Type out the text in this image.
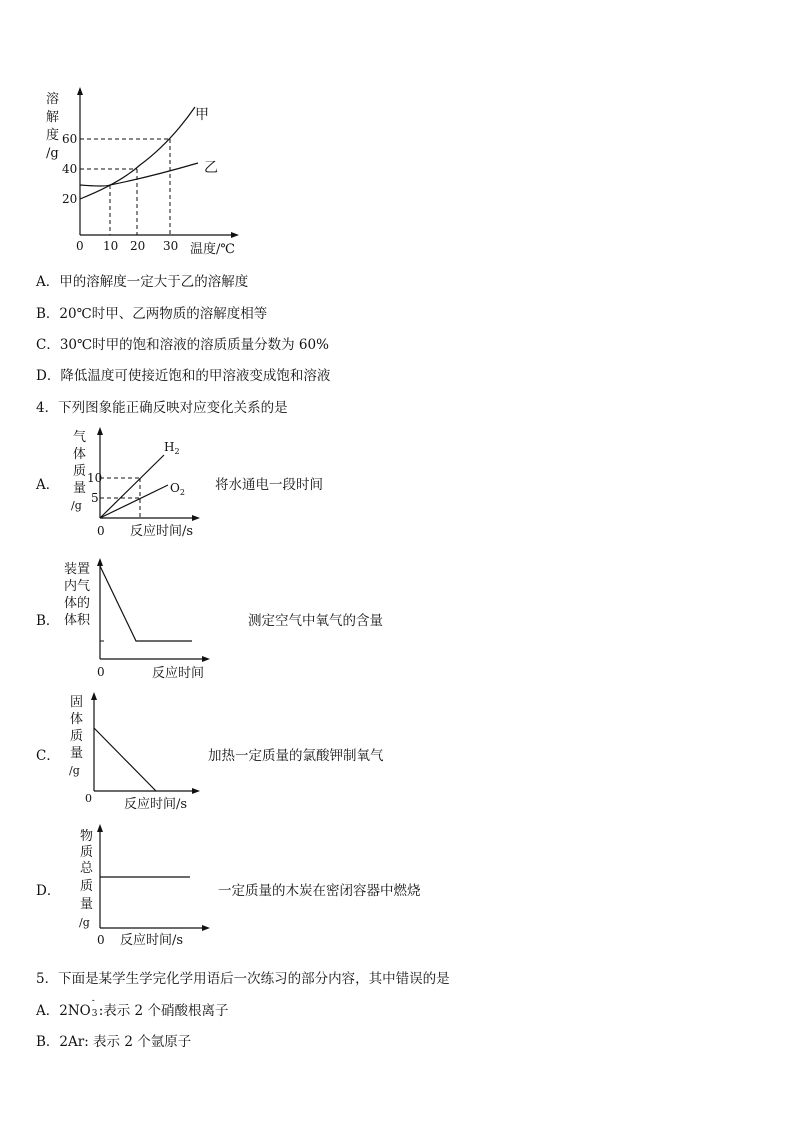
溶
解
度
/g
60
40
20
0 10 20 30 温度/℃
甲
乙
A．甲的溶解度一定大于乙的溶解度
B．20℃时甲、乙两物质的溶解度相等
C．30℃时甲的饱和溶液的溶质质量分数为 60%
D．降低温度可使接近饱和的甲溶液变成饱和溶液
4．下列图象能正确反映对应变化关系的是
A．
气
体
质
量
/g
10
5
0 反应时间/s
$H_2$
$O_2$ 将水通电一段时间
B．
装置
内气
体的
体积
0	反应时间
测定空气中氧气的含量
C．
固
体
质
量
/g
0 反应时间/s
加热一定质量的氯酸钾制氧气
D．
物
质
总
质
量
/g
0 反应时间/s
一定质量的木炭在密闭容器中燃烧
5．下面是某学生学完化学用语后一次练习的部分内容，其中错误的是
A．2NO
-
3 :表示 2 个硝酸根离子
B．2Ar: 表示 2 个氩原子
